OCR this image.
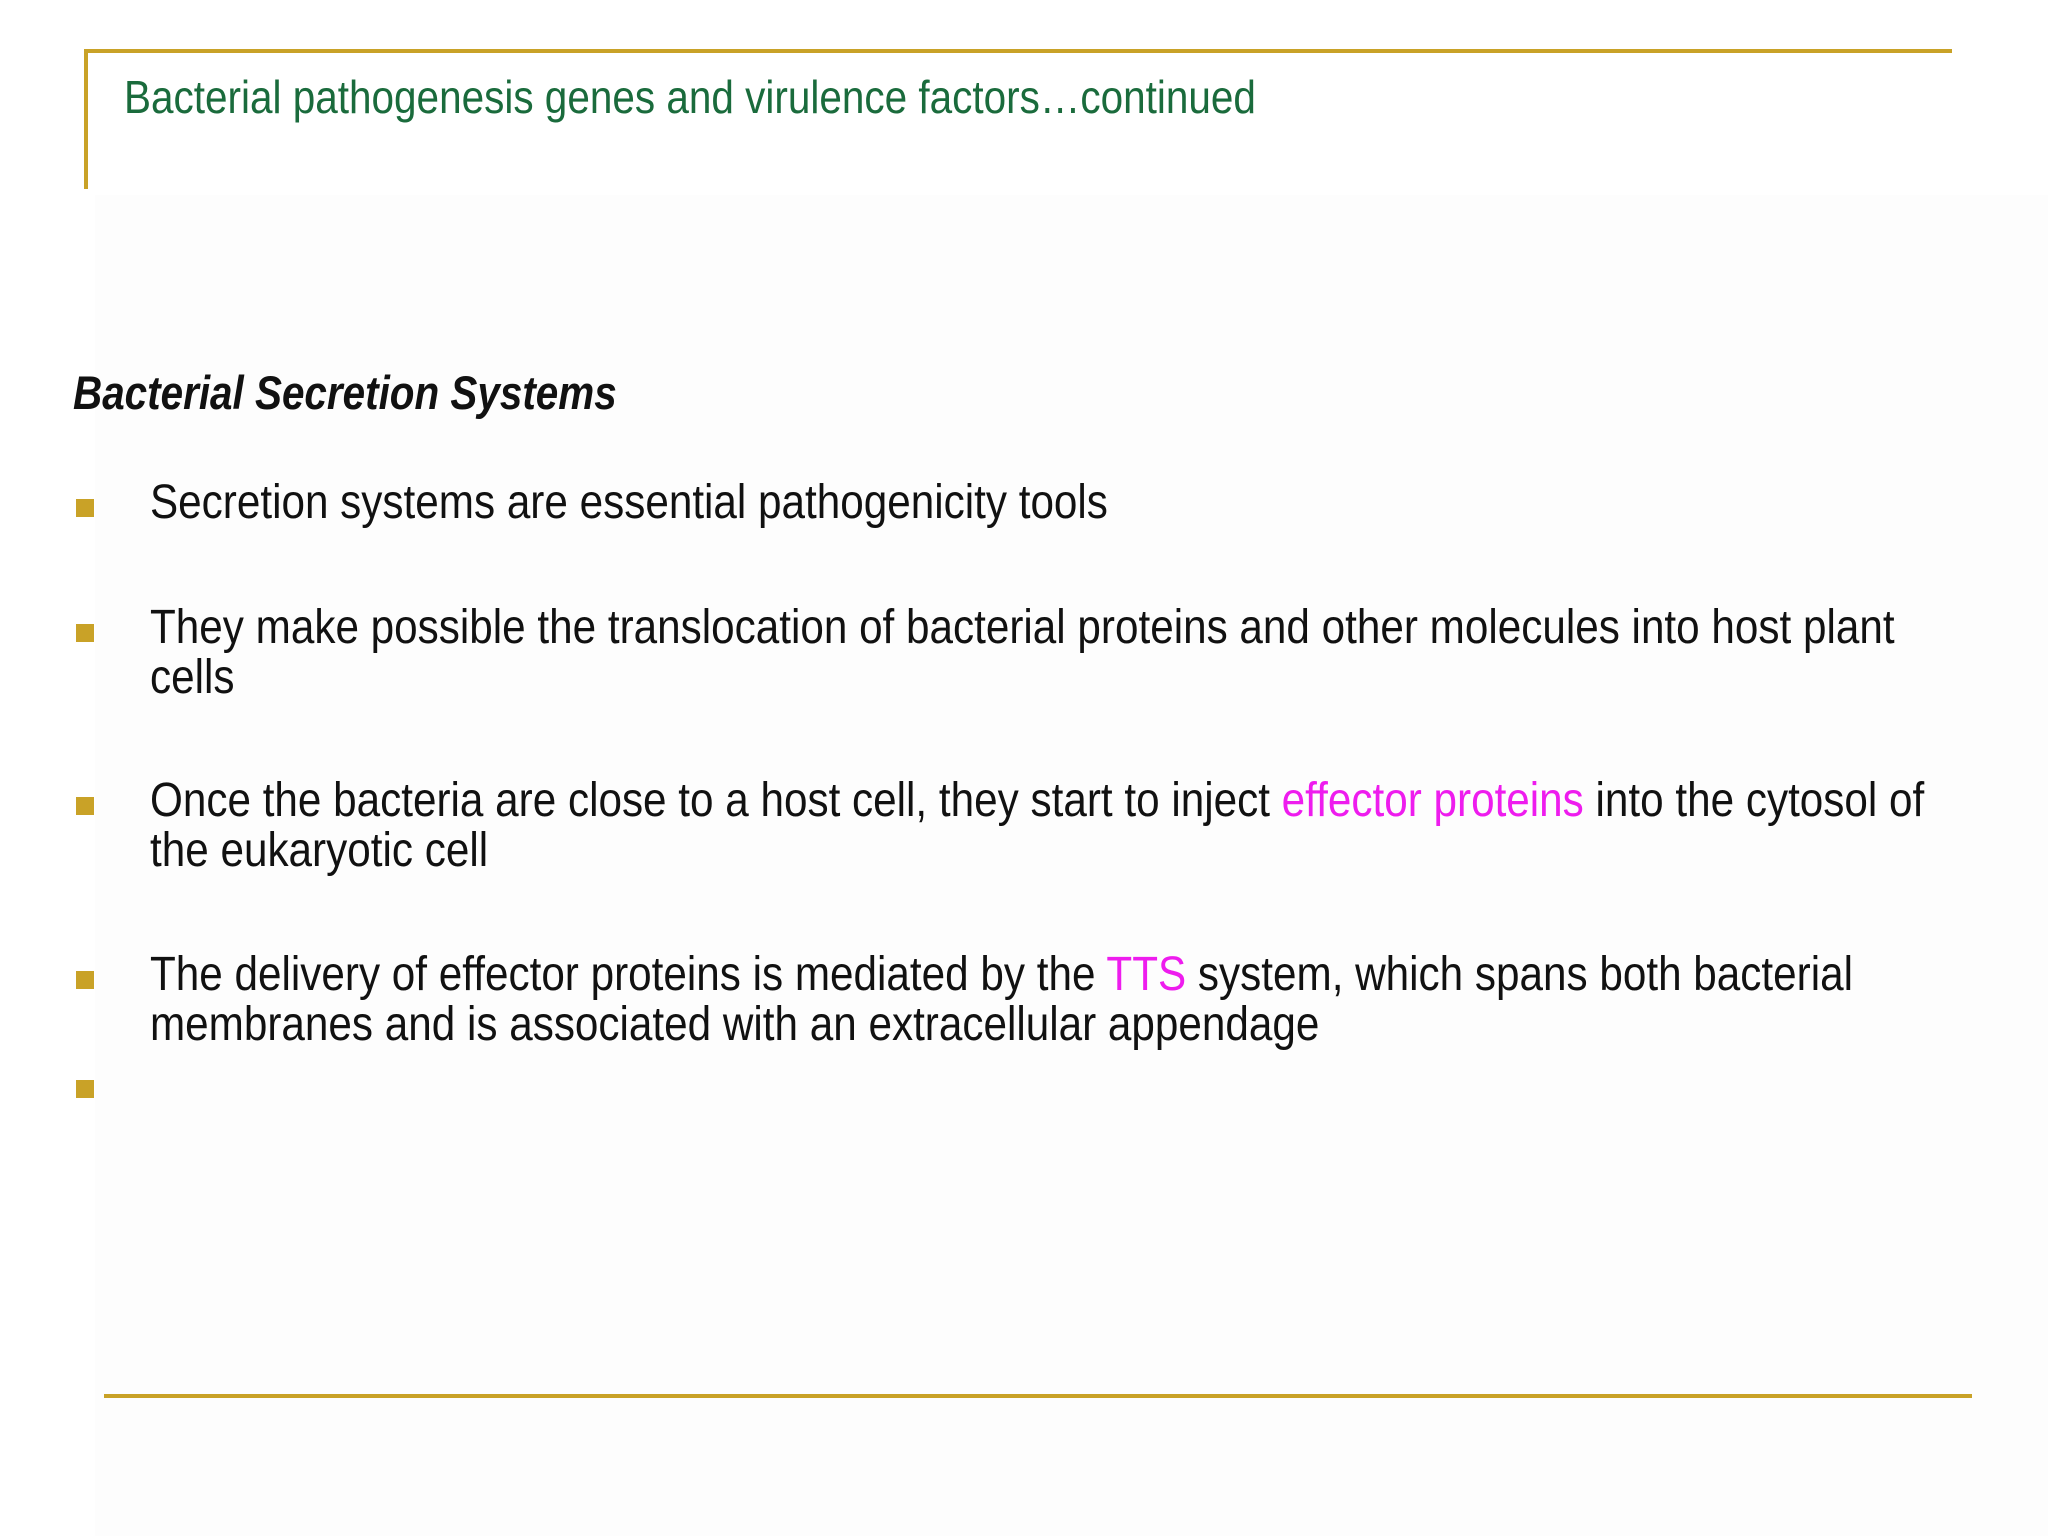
Bacterial pathogenesis genes and virulence factors…continued
Bacterial Secretion Systems
Secretion systems are essential pathogenicity tools
They make possible the translocation of bacterial proteins and other molecules into host plant cells
Once the bacteria are close to a host cell, they start to inject effector proteins into the cytosol of the eukaryotic cell
The delivery of effector proteins is mediated by the TTS system, which spans both bacterial membranes and is associated with an extracellular appendage
